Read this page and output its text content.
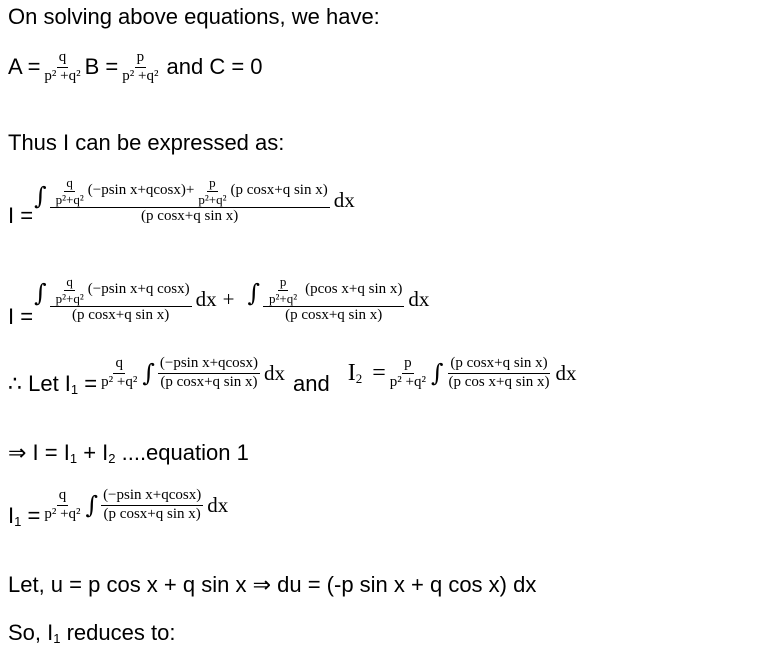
On solving above equations, we have:
$A = \frac{q}{\text{p² +q²}}$ $B = \frac{p}{\text{p² +q²}}$ and C = 0
Thus I can be expressed as:
I =
∫ $\frac{q}{\text{p²+q²}} (-psin$ $x+qcosx)+ \frac{p}{\text{p²+q²}} (p$ cosx+q sin x)
(p cosx+q sin x)
dx
I =
∫ $\frac{\frac{q}{\text{p²+q²}} (-psin x+q \cos x)}{\text{(p cosx+q sin x)}}$ dx + ∫ $\frac{\frac{p}{\text{p²+q²}} (pcos x+q \sin x)}{\text{(p cosx+q sin x)}}$ dx
∴ Let $I_1 = \frac{q}{\text{p² +q²}}$ ∫ $\frac{\text{(−psin x+qcosx)}}{\text{(p cosx+q sin x)}}$ dx and $I_2 = \frac{p}{\text{p² +q²}}$ ∫ $\frac{\text{(p cosx+q sin x)}}{\text{(p cos x+q sin x)}}$ dx
⇒ $I = I_1 + I_2$ ....equation 1
$I_1 = \frac{q}{\text{p² +q²}}$ ∫ $\frac{\text{(−psin x+qcosx)}}{\text{(p cosx+q sin x)}}$ dx
Let, u = p cos x + q sin x ⇒ du = (-p sin x + q cos x) dx
So, $I_1$ reduces to:
